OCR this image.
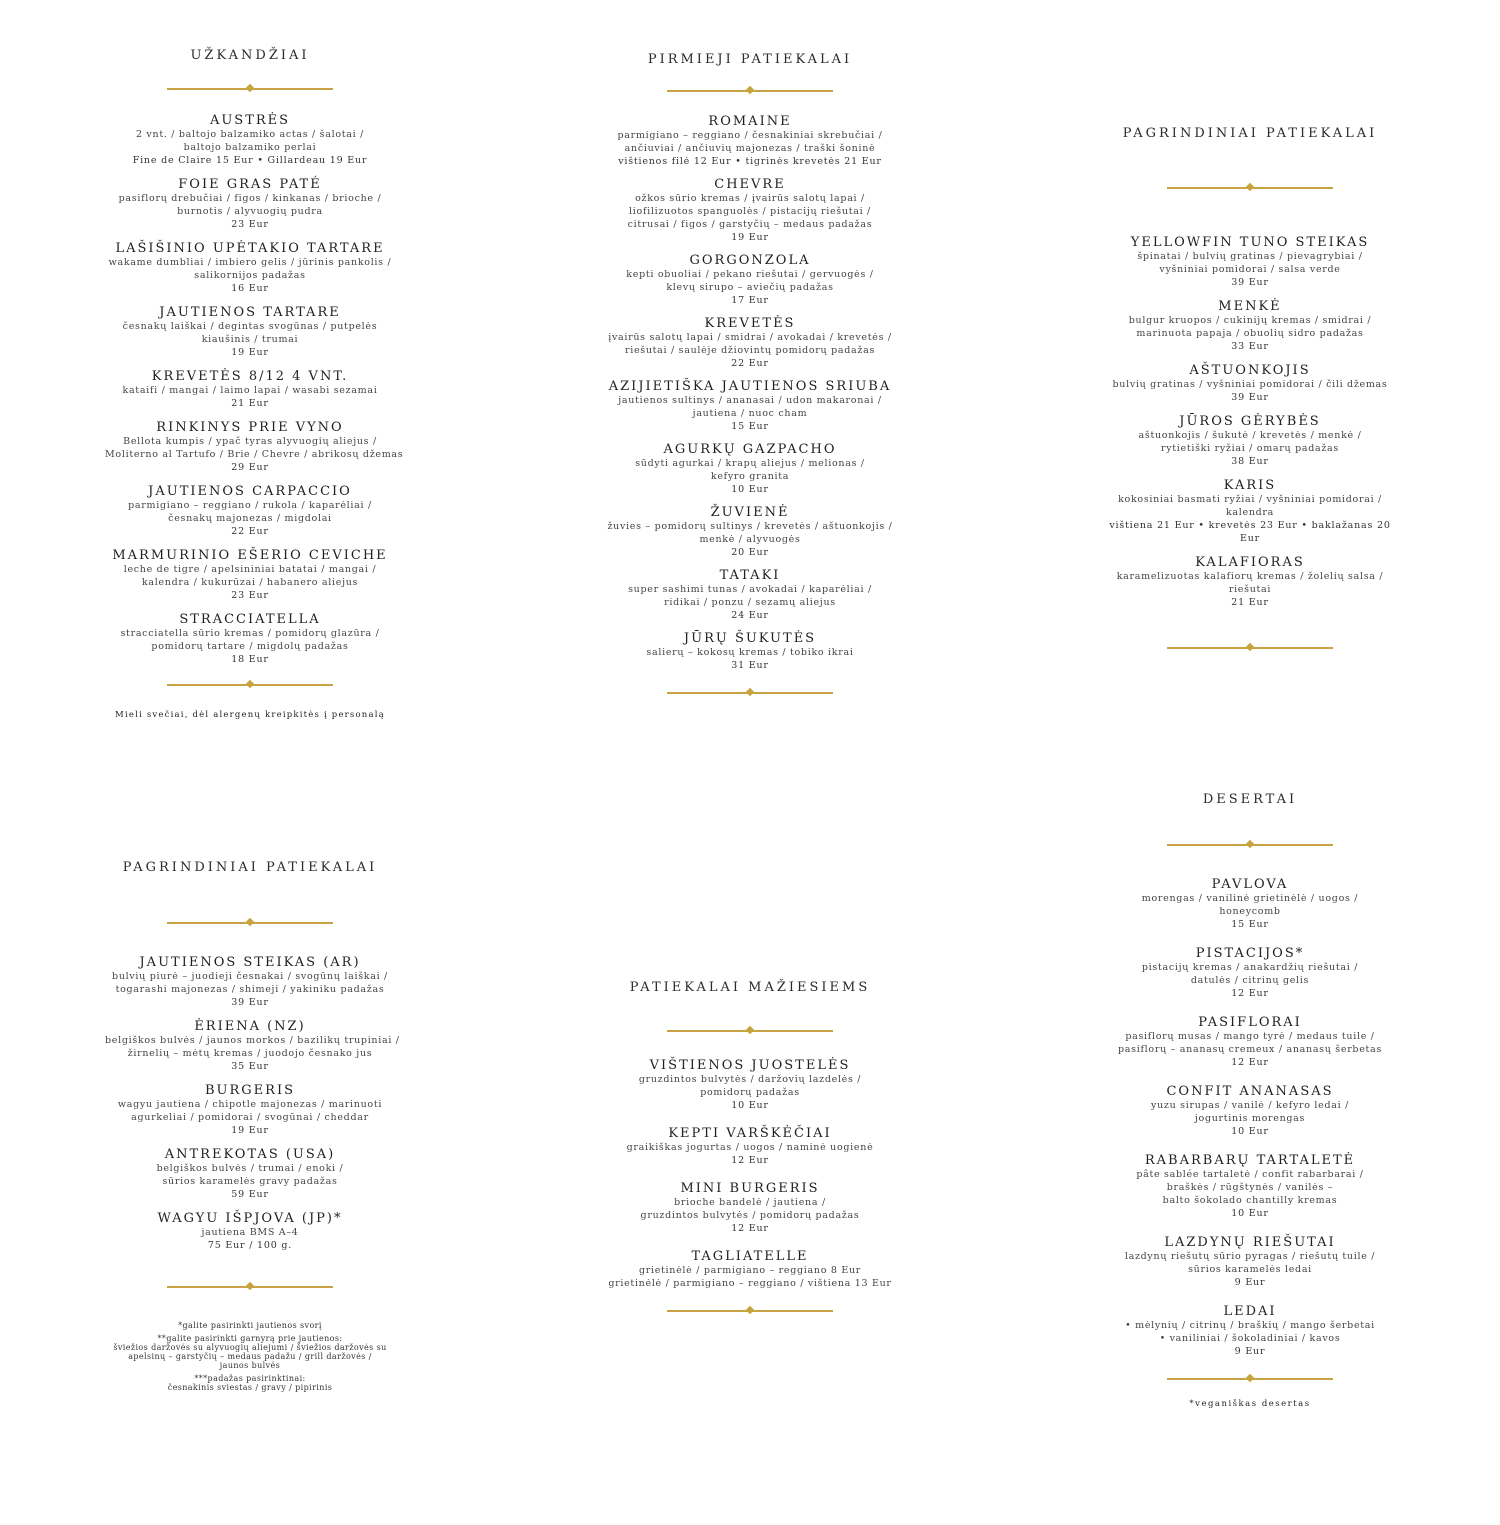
UŽKANDŽIAI
AUSTRĖS
2 vnt. / baltojo balzamiko actas / šalotai /
baltojo balzamiko perlai
Fine de Claire 15 Eur • Gillardeau 19 Eur
FOIE GRAS PATÉ
pasiflorų drebučiai / figos / kinkanas / brioche /
burnotis / alyvuogių pudra
23 Eur
LAŠIŠINIO UPĖTAKIO TARTARE
wakame dumbliai / imbiero gelis / jūrinis pankolis /
salikornijos padažas
16 Eur
JAUTIENOS TARTARE
česnakų laiškai / degintas svogūnas / putpelės
kiaušinis / trumai
19 Eur
KREVETĖS 8/12 4 VNT.
kataifi / mangai / laimo lapai / wasabi sezamai
21 Eur
RINKINYS PRIE VYNO
Bellota kumpis / ypač tyras alyvuogių aliejus /
Moliterno al Tartufo / Brie / Chevre / abrikosų džemas
29 Eur
JAUTIENOS CARPACCIO
parmigiano – reggiano / rukola / kaparėliai /
česnakų majonezas / migdolai
22 Eur
MARMURINIO EŠERIO CEVICHE
leche de tigre / apelsininiai batatai / mangai /
kalendra / kukurūzai / habanero aliejus
23 Eur
STRACCIATELLA
stracciatella sūrio kremas / pomidorų glazūra /
pomidorų tartare / migdolų padažas
18 Eur
Mieli svečiai, dėl alergenų kreipkitės į personalą
PIRMIEJI PATIEKALAI
ROMAINE
parmigiano – reggiano / česnakiniai skrebučiai /
ančiuviai / ančiuvių majonezas / traški šoninė
vištienos filė 12 Eur • tigrinės krevetės 21 Eur
CHEVRE
ožkos sūrio kremas / įvairūs salotų lapai /
liofilizuotos spanguolės / pistacijų riešutai /
citrusai / figos / garstyčių – medaus padažas
19 Eur
GORGONZOLA
kepti obuoliai / pekano riešutai / gervuogės /
klevų sirupo – aviečių padažas
17 Eur
KREVETĖS
įvairūs salotų lapai / smidrai / avokadai / krevetės /
riešutai / saulėje džiovintų pomidorų padažas
22 Eur
AZIJIETIŠKA JAUTIENOS SRIUBA
jautienos sultinys / ananasai / udon makaronai /
jautiena / nuoc cham
15 Eur
AGURKŲ GAZPACHO
sūdyti agurkai / krapų aliejus / melionas /
kefyro granita
10 Eur
ŽUVIENĖ
žuvies – pomidorų sultinys / krevetės / aštuonkojis /
menkė / alyvuogės
20 Eur
TATAKI
super sashimi tunas / avokadai / kaparėliai /
ridikai / ponzu / sezamų aliejus
24 Eur
JŪRŲ ŠUKUTĖS
salierų – kokosų kremas / tobiko ikrai
31 Eur
PAGRINDINIAI PATIEKALAI
YELLOWFIN TUNO STEIKAS
špinatai / bulvių gratinas / pievagrybiai /
vyšniniai pomidorai / salsa verde
39 Eur
MENKĖ
bulgur kruopos / cukinijų kremas / smidrai /
marinuota papaja / obuolių sidro padažas
33 Eur
AŠTUONKOJIS
bulvių gratinas / vyšniniai pomidorai / čili džemas
39 Eur
JŪROS GĖRYBĖS
aštuonkojis / šukutė / krevetės / menkė /
rytietiški ryžiai / omarų padažas
38 Eur
KARIS
kokosiniai basmati ryžiai / vyšniniai pomidorai /
kalendra
vištiena 21 Eur • krevetės 23 Eur • baklažanas 20 Eur
KALAFIORAS
karamelizuotas kalafiorų kremas / žolelių salsa /
riešutai
21 Eur
PAGRINDINIAI PATIEKALAI
JAUTIENOS STEIKAS (AR)
bulvių piurė – juodieji česnakai / svogūnų laiškai /
togarashi majonezas / shimeji / yakiniku padažas
39 Eur
ĖRIENA (NZ)
belgiškos bulvės / jaunos morkos / bazilikų trupiniai /
žirnelių – mėtų kremas / juodojo česnako jus
35 Eur
BURGERIS
wagyu jautiena / chipotle majonezas / marinuoti
agurkeliai / pomidorai / svogūnai / cheddar
19 Eur
ANTREKOTAS (USA)
belgiškos bulvės / trumai / enoki /
sūrios karamelės gravy padažas
59 Eur
WAGYU IŠPJOVA (JP)*
jautiena BMS A–4
75 Eur / 100 g.
*galite pasirinkti jautienos svorį
**galite pasirinkti garnyrą prie jautienos:
šviežios daržovės su alyvuogių aliejumi / šviežios daržovės su
apelsinų – garstyčių – medaus padažu / grill daržovės /
jaunos bulvės
***padažas pasirinktinai:
česnakinis sviestas / gravy / pipirinis
PATIEKALAI MAŽIESIEMS
VIŠTIENOS JUOSTELĖS
gruzdintos bulvytės / daržovių lazdelės /
pomidorų padažas
10 Eur
KEPTI VARŠKĖČIAI
graikiškas jogurtas / uogos / naminė uogienė
12 Eur
MINI BURGERIS
brioche bandelė / jautiena /
gruzdintos bulvytės / pomidorų padažas
12 Eur
TAGLIATELLE
grietinėlė / parmigiano – reggiano 8 Eur
grietinėlė / parmigiano – reggiano / vištiena 13 Eur
DESERTAI
PAVLOVA
morengas / vanilinė grietinėlė / uogos /
honeycomb
15 Eur
PISTACIJOS*
pistacijų kremas / anakardžių riešutai /
datulės / citrinų gelis
12 Eur
PASIFLORAI
pasiflorų musas / mango tyrė / medaus tuile /
pasiflorų – ananasų cremeux / ananasų šerbetas
12 Eur
CONFIT ANANASAS
yuzu sirupas / vanilė / kefyro ledai /
jogurtinis morengas
10 Eur
RABARBARŲ TARTALETĖ
pâte sablée tartaletė / confit rabarbarai /
braškės / rūgštynės / vanilės –
balto šokolado chantilly kremas
10 Eur
LAZDYNŲ RIEŠUTAI
lazdynų riešutų sūrio pyragas / riešutų tuile /
sūrios karamelės ledai
9 Eur
LEDAI
• mėlynių / citrinų / braškių / mango šerbetai
• vaniliniai / šokoladiniai / kavos
9 Eur
*veganiškas desertas
